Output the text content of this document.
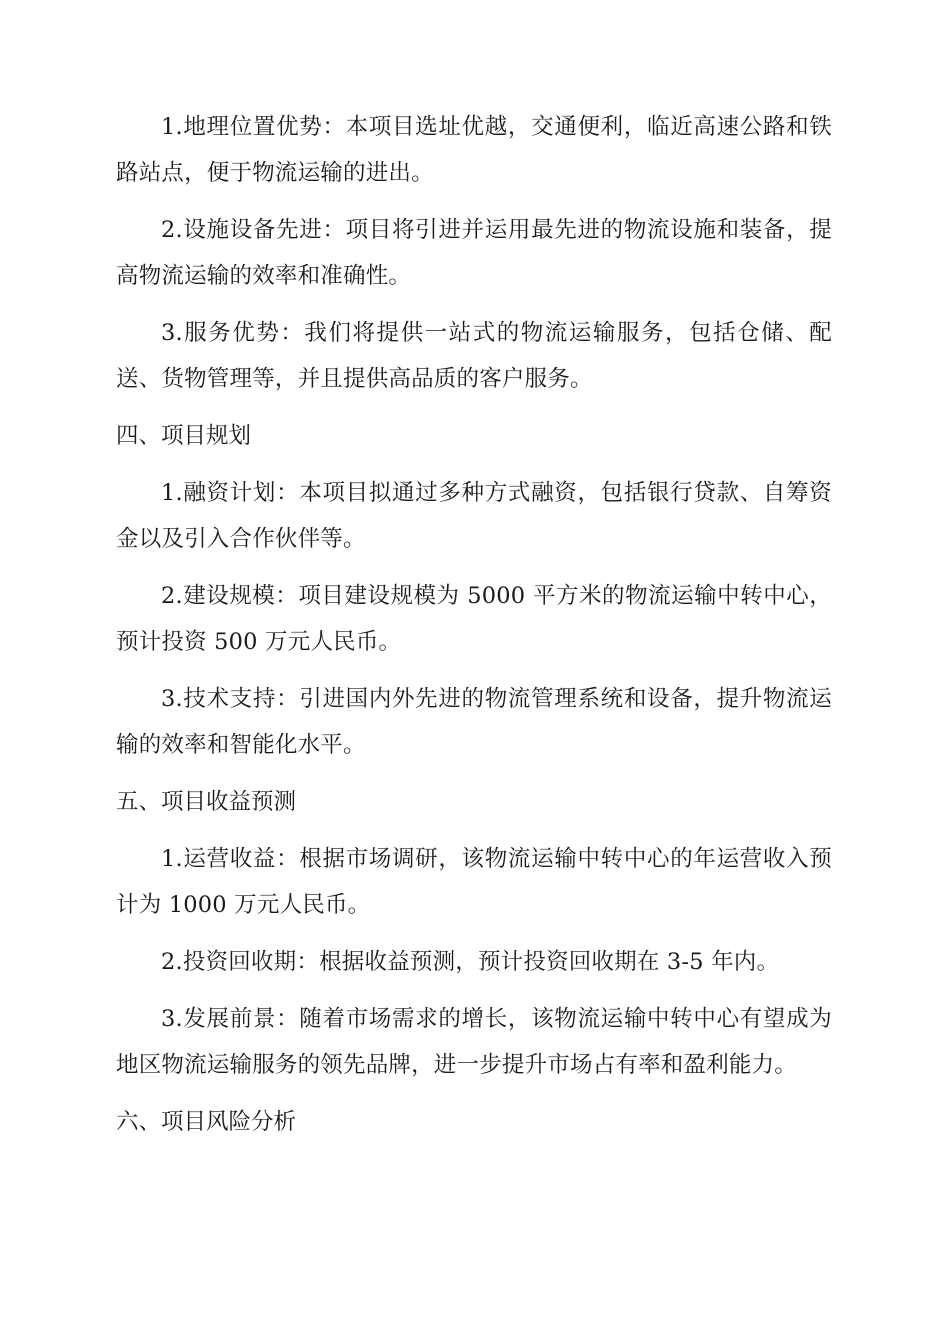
1.地理位置优势：本项目选址优越，交通便利，临近高速公路和铁路站点，便于物流运输的进出。

2.设施设备先进：项目将引进并运用最先进的物流设施和装备，提高物流运输的效率和准确性。

3.服务优势：我们将提供一站式的物流运输服务，包括仓储、配送、货物管理等，并且提供高品质的客户服务。

四、项目规划

1.融资计划：本项目拟通过多种方式融资，包括银行贷款、自筹资金以及引入合作伙伴等。

2.建设规模：项目建设规模为 5000 平方米的物流运输中转中心，预计投资 500 万元人民币。

3.技术支持：引进国内外先进的物流管理系统和设备，提升物流运输的效率和智能化水平。

五、项目收益预测

1.运营收益：根据市场调研，该物流运输中转中心的年运营收入预计为 1000 万元人民币。

2.投资回收期：根据收益预测，预计投资回收期在 3-5 年内。

3.发展前景：随着市场需求的增长，该物流运输中转中心有望成为地区物流运输服务的领先品牌，进一步提升市场占有率和盈利能力。

六、项目风险分析
